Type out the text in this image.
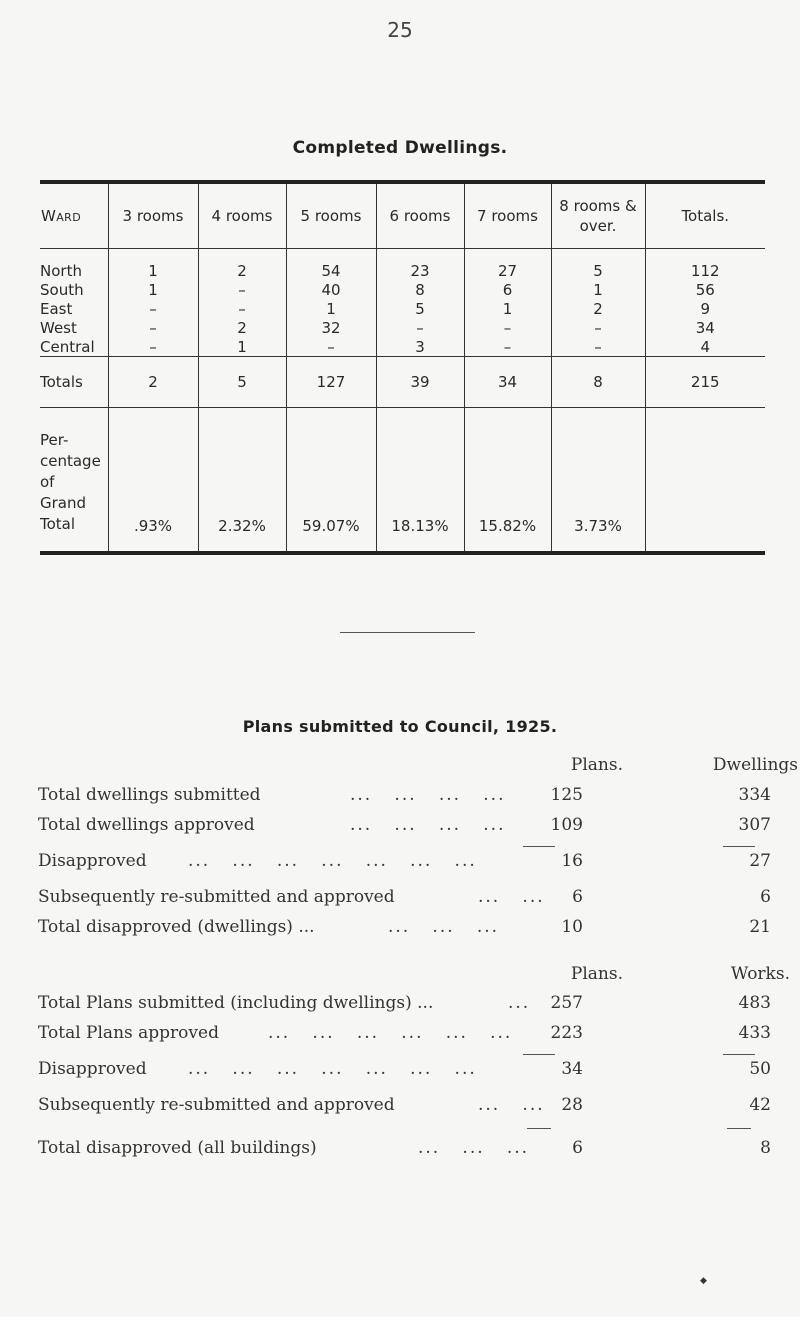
25
Completed Dwellings.
Ward	3 rooms	4 rooms	5 rooms	6 rooms	7 rooms	8 rooms & over.	Totals.
North	1	2	54	23	27	5	112
South	1	–	40	8	6	1	56
East	–	–	1	5	1	2	9
West	–	2	32	–	–	–	34
Central	–	1	–	3	–	–	4
Totals	2	5	127	39	34	8	215

Per-
centage
of
Grand
Total	.93%	2.32%	59.07%	18.13%	15.82%	3.73%	
Plans submitted to Council, 1925.
Plans.	Dwellings
Total dwellings submitted	...   ...   ...   ...	125	334
Total dwellings approved	...   ...   ...   ...	109	307
Disapproved ...   ...   ...   ...   ...   ...   ...	16	27
Subsequently re-submitted and approved	...   ... 6	6
Total disapproved (dwellings) ...	...   ...   ...	10	21
Plans.	Works.
Total Plans submitted (including dwellings) ...	... 257	483
Total Plans approved	...   ...   ...   ...   ...   ... 223	433
Disapproved ...   ...   ...   ...   ...   ...   ...	34	50
Subsequently re-submitted and approved	...   ... 28	42
Total disapproved (all buildings)	...   ...   ...	6	8
◆
